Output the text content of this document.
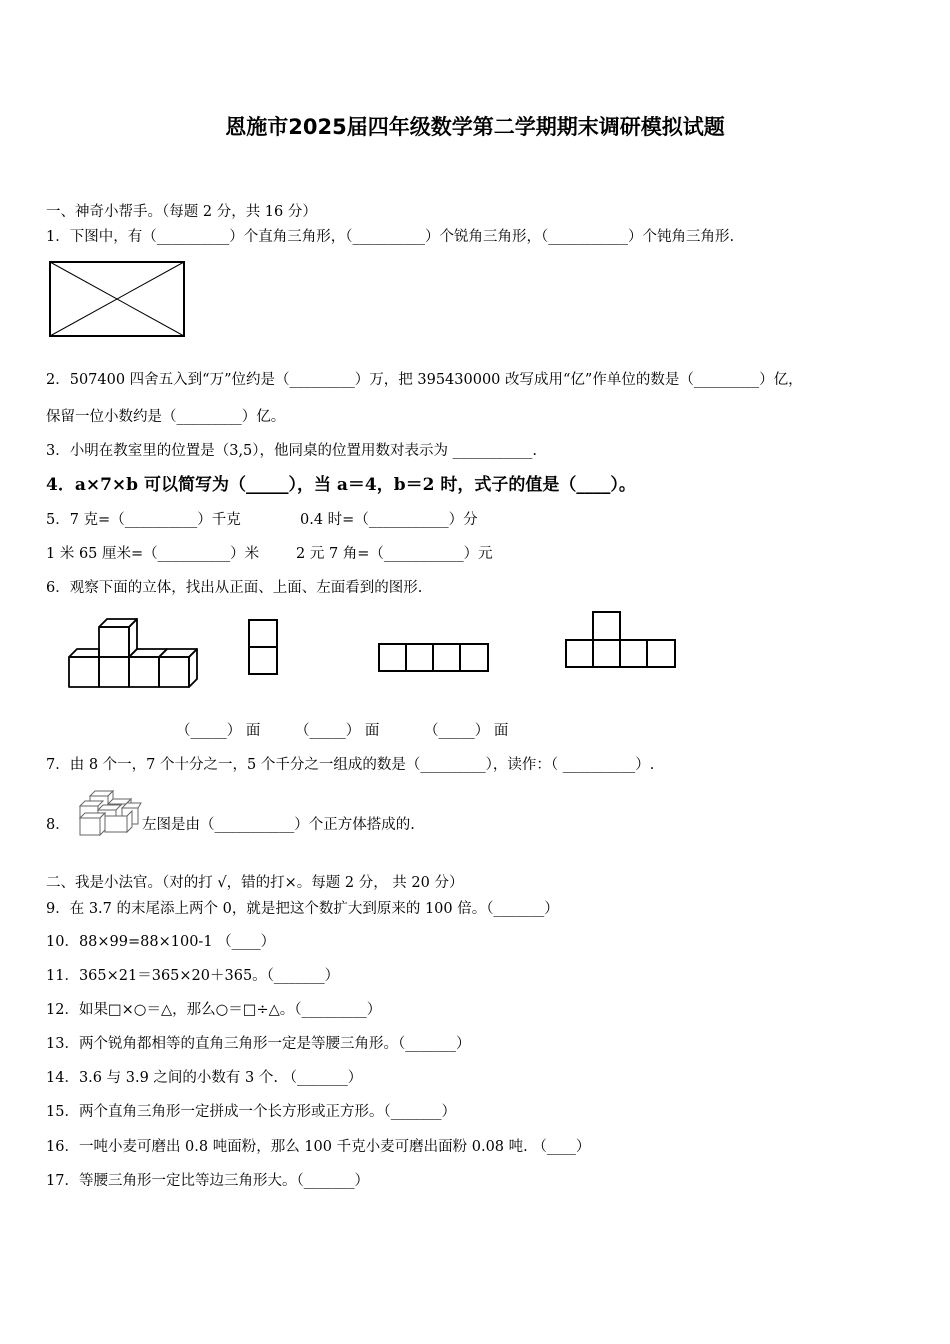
恩施市2025届四年级数学第二学期期末调研模拟试题
一、神奇小帮手。（每题 2 分，共 16 分）
1．下图中，有（__________）个直角三角形，（__________）个锐角三角形，（___________）个钝角三角形.
2．507400 四舍五入到“万”位约是（_________）万，把 395430000 改写成用“亿”作单位的数是（_________）亿，
保留一位小数约是（_________）亿。
3．小明在教室里的位置是（3,5），他同桌的位置用数对表示为 ___________.
4．a×7×b 可以简写为（_____），当 a＝4，b＝2 时，式子的值是（____）。
5．7 克=（__________）千克	0.4 时=（___________）分
1 米 65 厘米=（__________）米	2 元 7 角=（___________）元
6．观察下面的立体，找出从正面、上面、左面看到的图形.
（_____） 面 （_____） 面	（_____） 面
7．由 8 个一，7 个十分之一，5 个千分之一组成的数是（_________），读作：（ __________）.
8．	左图是由（___________）个正方体搭成的.
二、我是小法官。（对的打 √，错的打×。每题 2 分， 共 20 分）
9．在 3.7 的末尾添上两个 0，就是把这个数扩大到原来的 100 倍。（_______）
10．88×99=88×100-1 （____）
11．365×21＝365×20＋365。（_______）
12．如果□×○＝△，那么○＝□÷△。（_________）
13．两个锐角都相等的直角三角形一定是等腰三角形。（_______）
14．3.6 与 3.9 之间的小数有 3 个. （_______）
15．两个直角三角形一定拼成一个长方形或正方形。（_______）
16．一吨小麦可磨出 0.8 吨面粉，那么 100 千克小麦可磨出面粉 0.08 吨. （____）
17．等腰三角形一定比等边三角形大。（_______）
